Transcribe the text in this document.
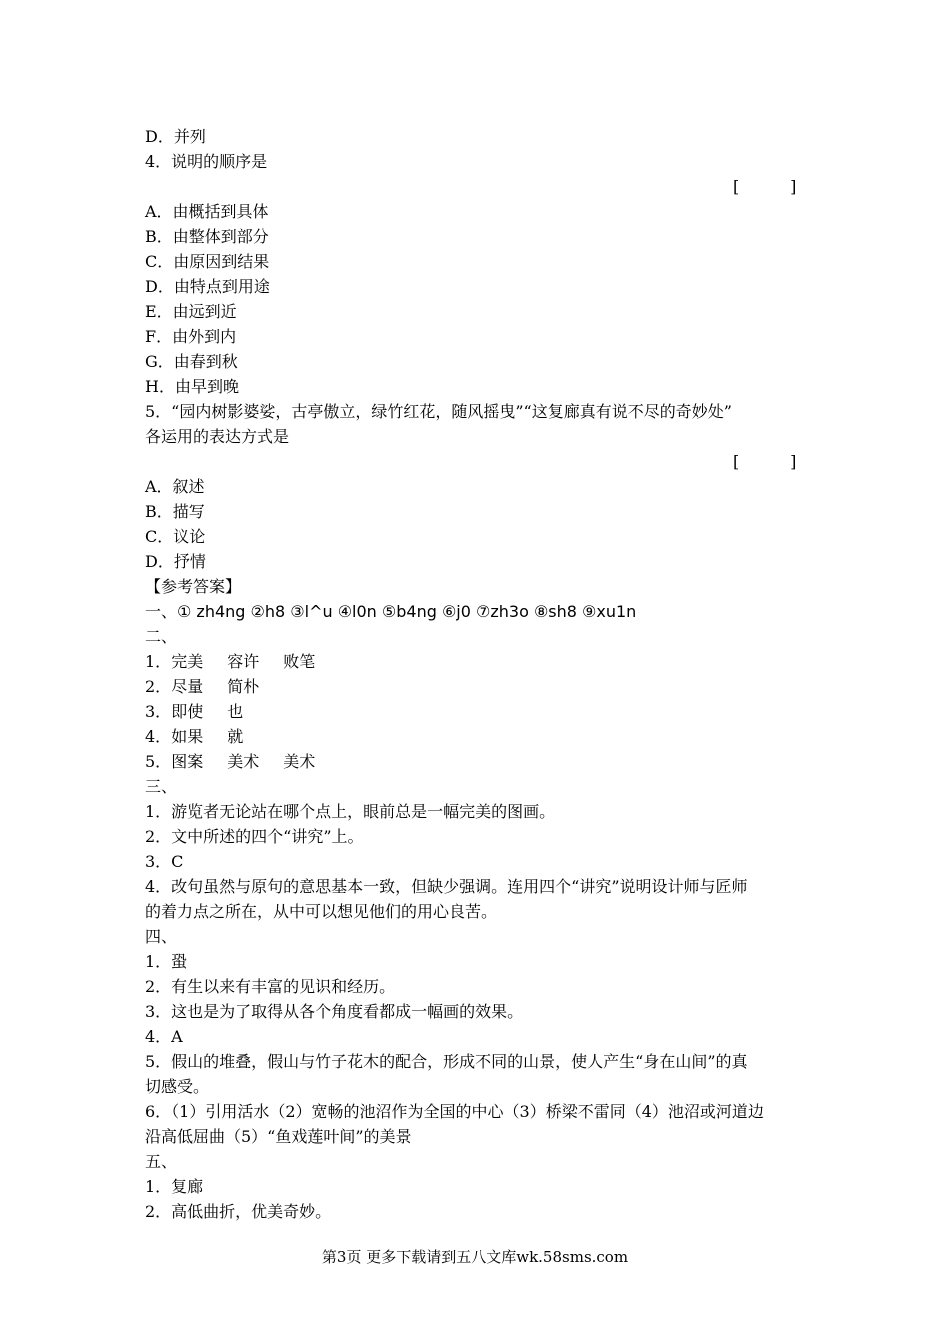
D．并列
4．说明的顺序是
[          ]
A．由概括到具体
B．由整体到部分
C．由原因到结果
D．由特点到用途
E．由远到近
F．由外到内
G．由春到秋
H．由早到晚
5．“园内树影婆娑，古亭傲立，绿竹红花，随风摇曳”“这复廊真有说不尽的奇妙处”
各运用的表达方式是
[          ]
A．叙述
B．描写
C．议论
D．抒情
【参考答案】
一、① zh4ng ②h8 ③l^u ④l0n ⑤b4ng ⑥j0 ⑦zh3o ⑧sh8 ⑨xu1n
二、
1．完美 容许 败笔
2．尽量 简朴
3．即使 也
4．如果 就
5．图案 美术 美术
三、
1．游览者无论站在哪个点上，眼前总是一幅完美的图画。
2．文中所述的四个“讲究”上。
3．C
4．改句虽然与原句的意思基本一致，但缺少强调。连用四个“讲究”说明设计师与匠师
的着力点之所在，从中可以想见他们的用心良苦。
四、
1．蛩
2．有生以来有丰富的见识和经历。
3．这也是为了取得从各个角度看都成一幅画的效果。
4．A
5．假山的堆叠，假山与竹子花木的配合，形成不同的山景，使人产生“身在山间”的真
切感受。
6．（1）引用活水（2）宽畅的池沼作为全国的中心（3）桥梁不雷同（4）池沼或河道边
沿高低屈曲（5）“鱼戏莲叶间”的美景
五、
1．复廊
2．高低曲折，优美奇妙。
第3页 更多下载请到五八文库wk.58sms.com
